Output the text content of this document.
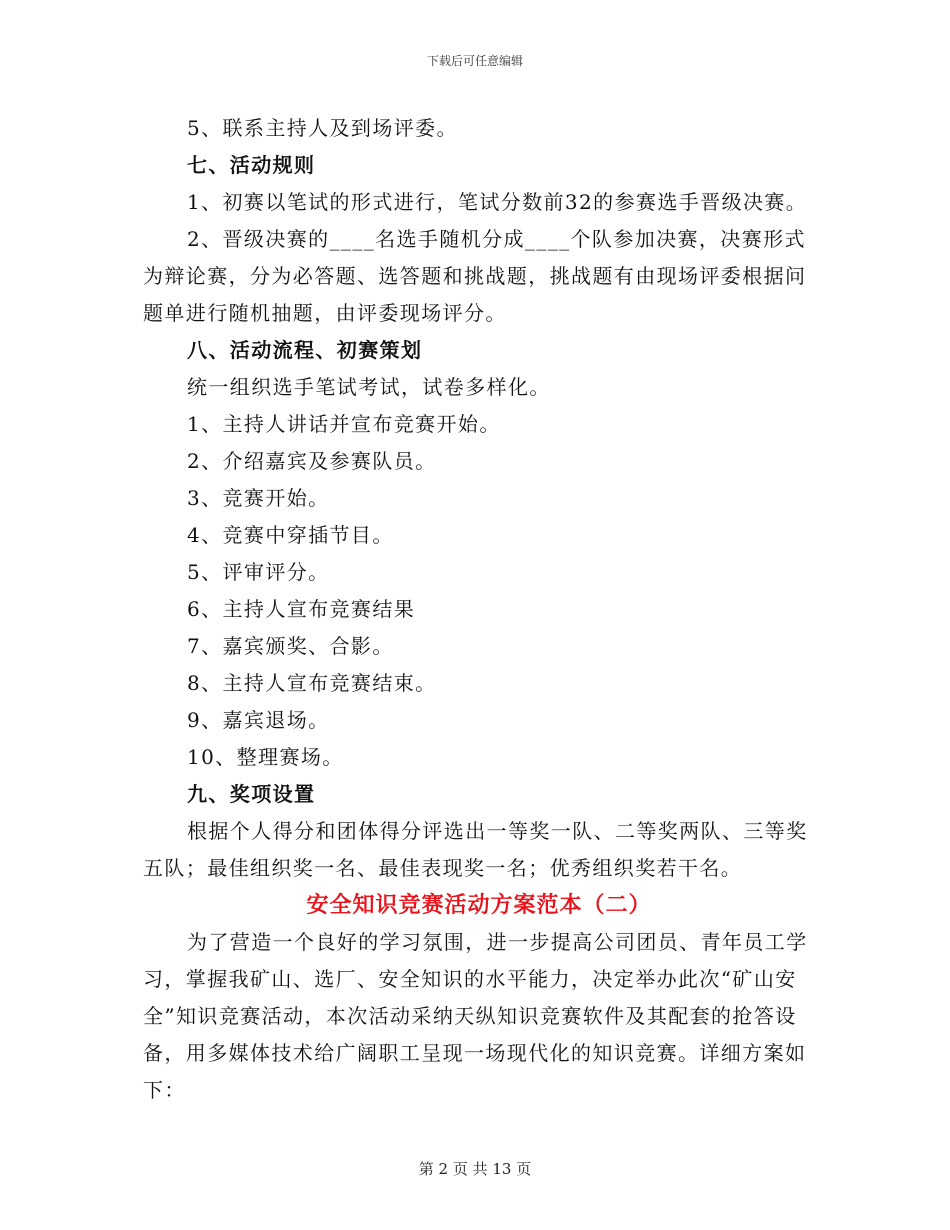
下载后可任意编辑

5、联系主持人及到场评委。

七、活动规则

1、初赛以笔试的形式进行，笔试分数前32的参赛选手晋级决赛。

2、晋级决赛的____名选手随机分成____个队参加决赛，决赛形式为辩论赛，分为必答题、选答题和挑战题，挑战题有由现场评委根据问题单进行随机抽题，由评委现场评分。

八、活动流程、初赛策划

统一组织选手笔试考试，试卷多样化。

1、主持人讲话并宣布竞赛开始。

2、介绍嘉宾及参赛队员。

3、竞赛开始。

4、竞赛中穿插节目。

5、评审评分。

6、主持人宣布竞赛结果

7、嘉宾颁奖、合影。

8、主持人宣布竞赛结束。

9、嘉宾退场。

10、整理赛场。

九、奖项设置

根据个人得分和团体得分评选出一等奖一队、二等奖两队、三等奖五队；最佳组织奖一名、最佳表现奖一名；优秀组织奖若干名。

安全知识竞赛活动方案范本（二）

为了营造一个良好的学习氛围，进一步提高公司团员、青年员工学习，掌握我矿山、选厂、安全知识的水平能力，决定举办此次“矿山安全”知识竞赛活动，本次活动采纳天纵知识竞赛软件及其配套的抢答设备，用多媒体技术给广阔职工呈现一场现代化的知识竞赛。详细方案如下：

第 2 页 共 13 页
